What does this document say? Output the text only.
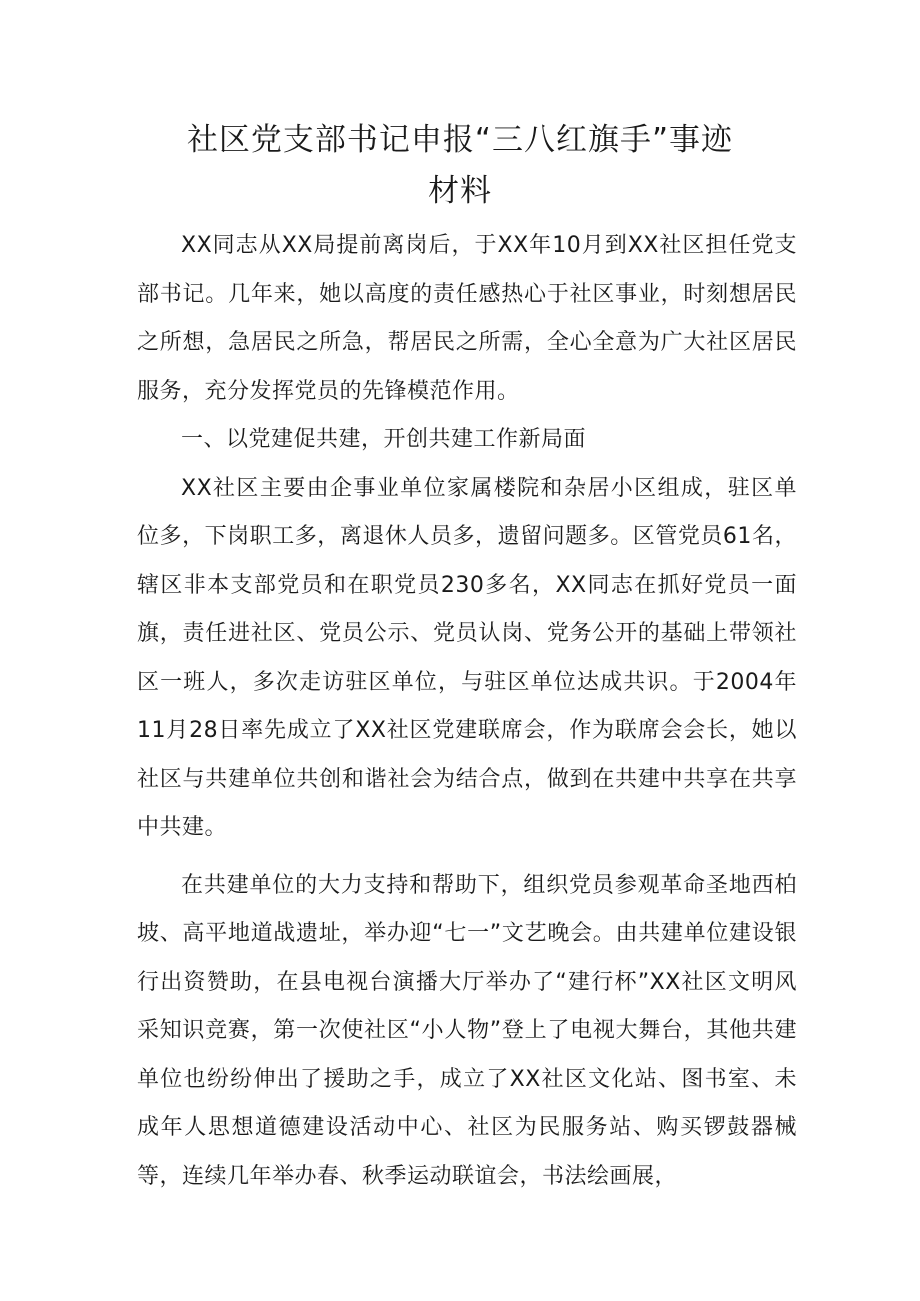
社区党支部书记申报“三八红旗手”事迹
材料

XX同志从XX局提前离岗后，于XX年10月到XX社区担任党支部书记。几年来，她以高度的责任感热心于社区事业，时刻想居民之所想，急居民之所急，帮居民之所需，全心全意为广大社区居民服务，充分发挥党员的先锋模范作用。

一、以党建促共建，开创共建工作新局面

XX社区主要由企事业单位家属楼院和杂居小区组成，驻区单位多，下岗职工多，离退休人员多，遗留问题多。区管党员61名，辖区非本支部党员和在职党员230多名，XX同志在抓好党员一面旗，责任进社区、党员公示、党员认岗、党务公开的基础上带领社区一班人，多次走访驻区单位，与驻区单位达成共识。于2004年11月28日率先成立了XX社区党建联席会，作为联席会会长，她以社区与共建单位共创和谐社会为结合点，做到在共建中共享在共享中共建。

在共建单位的大力支持和帮助下，组织党员参观革命圣地西柏坡、高平地道战遗址，举办迎“七一”文艺晚会。由共建单位建设银行出资赞助，在县电视台演播大厅举办了“建行杯”XX社区文明风采知识竞赛，第一次使社区“小人物”登上了电视大舞台，其他共建单位也纷纷伸出了援助之手，成立了XX社区文化站、图书室、未成年人思想道德建设活动中心、社区为民服务站、购买锣鼓器械等，连续几年举办春、秋季运动联谊会，书法绘画展，
